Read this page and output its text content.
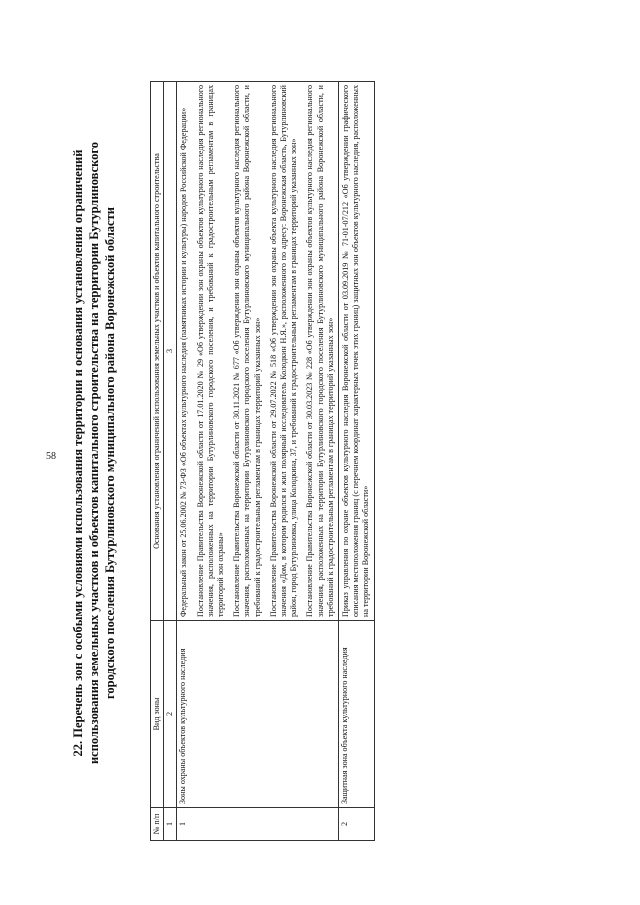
58 22. Перечень зон с особыми условиями использования территории и основания установления ограничений использования земельных участков и объектов капитального строительства на территории Бутурлиновского городского поселения Бутурлиновского муниципального района Воронежской области
№ п/п	Вид зоны	Основания установления ограничений использования земельных участков и объектов капитального строительства
1	2	3
1	Зоны охраны объектов культурного наследия	Федеральный закон от 25.06.2002 № 73-ФЗ «Об объектах культурного наследия (памятниках истории и культуры) народов Российской Федерации» Постановление Правительства Воронежской области от 17.01.2020 № 29 «Об утверждении зон охраны объектов культурного наследия регионального значения, расположенных на территории Бутурлиновского городского поселения, и требований к градостроительным регламентам в границах территорий зон охраны» Постановление Правительства Воронежской области от 30.11.2021 № 677 «Об утверждении зон охраны объектов культурного наследия регионального значения, расположенных на территории Бутурлиновского городского поселения Бутурлиновского муниципального района Воронежской области, и требований к градостроительным регламентам в границах территорий указанных зон» Постановление Правительства Воронежской области от 29.07.2022 № 518 «Об утверждении зон охраны объекта культурного наследия регионального значения «Дом, в котором родился и жил полярный исследователь Колодкин Н.Я.», расположенного по адресу: Воронежская область, Бутурлиновский район, город Бутурлиновка, улица Колодкина, 37, и требований к градостроительным регламентам в границах территорий указанных зон» Постановление Правительства Воронежской области от 30.03.2023 № 228 «Об утверждении зон охраны объектов культурного наследия регионального значения, расположенных на территории Бутурлиновского городского поселения Бутурлиновского муниципального района Воронежской области, и требований к градостроительным регламентам в границах территорий указанных зон»

2	Защитная зона объекта культурного наследия	Приказ управления по охране объектов культурного наследия Воронежской области от 03.09.2019 № 71-01-07/212 «Об утверждении графического описания местоположения границ (с перечнем координат характерных точек этих границ) защитных зон объектов культурного наследия, расположенных на территории Воронежской области»
